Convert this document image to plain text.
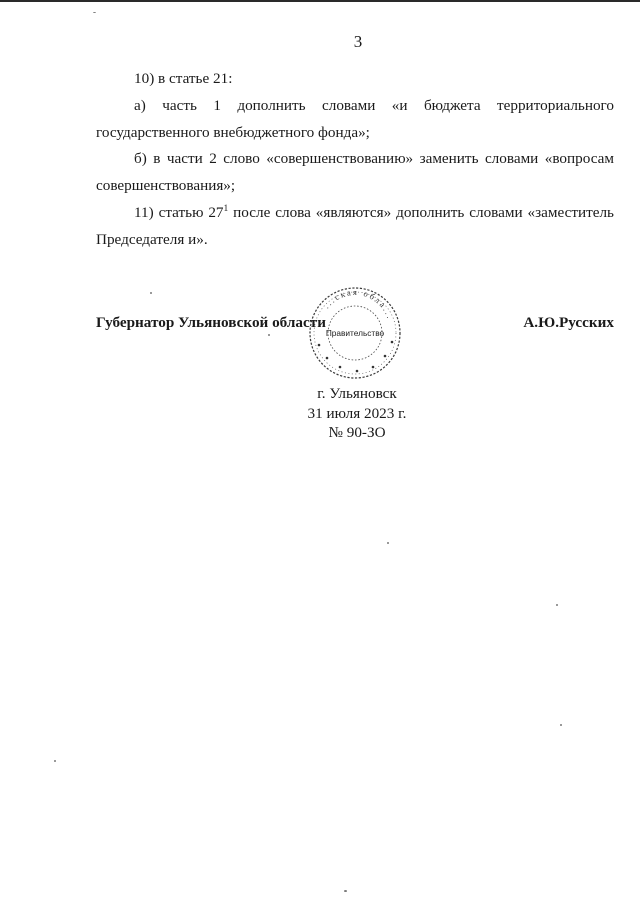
3

10) в статье 21:

а) часть 1 дополнить словами «и бюджета территориального государственного внебюджетного фонда»;

б) в части 2 слово «совершенствованию» заменить словами «вопросам совершенствования»;

11) статью $27^1$ после слова «являются» дополнить словами «заместитель Председателя и».

Губернатор Ульяновской области	А.Ю.Русских
...ская обла...
Правительство
г. Ульяновск
31 июля 2023 г.
№ 90-ЗО
